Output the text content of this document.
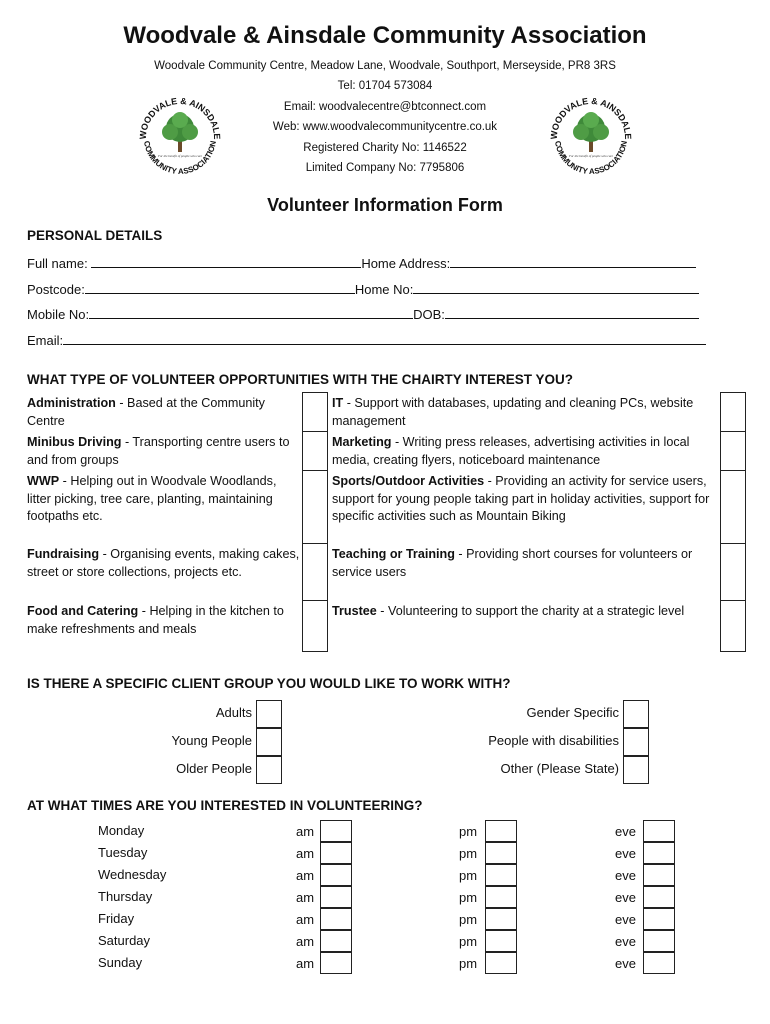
Woodvale & Ainsdale Community Association
Woodvale Community Centre, Meadow Lane, Woodvale, Southport, Merseyside, PR8 3RS
Tel: 01704 573084
Email: woodvalecentre@btconnect.com
Web: www.woodvalecommunitycentre.co.uk
Registered Charity No: 1146522
Limited Company No: 7795806
WOODVALE & AINSDALE
COMMUNITY ASSOCIATION
For the benefit of people who care
WOODVALE & AINSDALE
COMMUNITY ASSOCIATION
For the benefit of people who care
Volunteer Information Form
PERSONAL DETAILS
Full name:	Home Address:
Postcode:	Home No:
Mobile No:	DOB:
Email:
WHAT TYPE OF VOLUNTEER OPPORTUNITIES WITH THE CHAIRTY INTEREST YOU?
Administration - Based at the Community Centre
Minibus Driving - Transporting centre users to and from groups
WWP - Helping out in Woodvale Woodlands, litter picking, tree care, planting, maintaining footpaths etc.
Fundraising - Organising events, making cakes, street or store collections, projects etc.
Food and Catering - Helping in the kitchen to make refreshments and meals
IT - Support with databases, updating and cleaning PCs, website management
Marketing - Writing press releases, advertising activities in local media, creating flyers, noticeboard maintenance
Sports/Outdoor Activities - Providing an activity for service users, support for young people taking part in holiday activities, support for specific activities such as Mountain Biking
Teaching or Training - Providing short courses for volunteers or service users
Trustee - Volunteering to support the charity at a strategic level
IS THERE A SPECIFIC CLIENT GROUP YOU WOULD LIKE TO WORK WITH?
Adults
Young People
Older People
Gender Specific
People with disabilities
Other (Please State)
AT WHAT TIMES ARE YOU INTERESTED IN VOLUNTEERING?
Monday	am	pm	eve
Tuesday	am	pm	eve
Wednesday	am	pm	eve
Thursday	am	pm	eve
Friday	am	pm	eve
Saturday	am	pm	eve
Sunday	am	pm	eve
